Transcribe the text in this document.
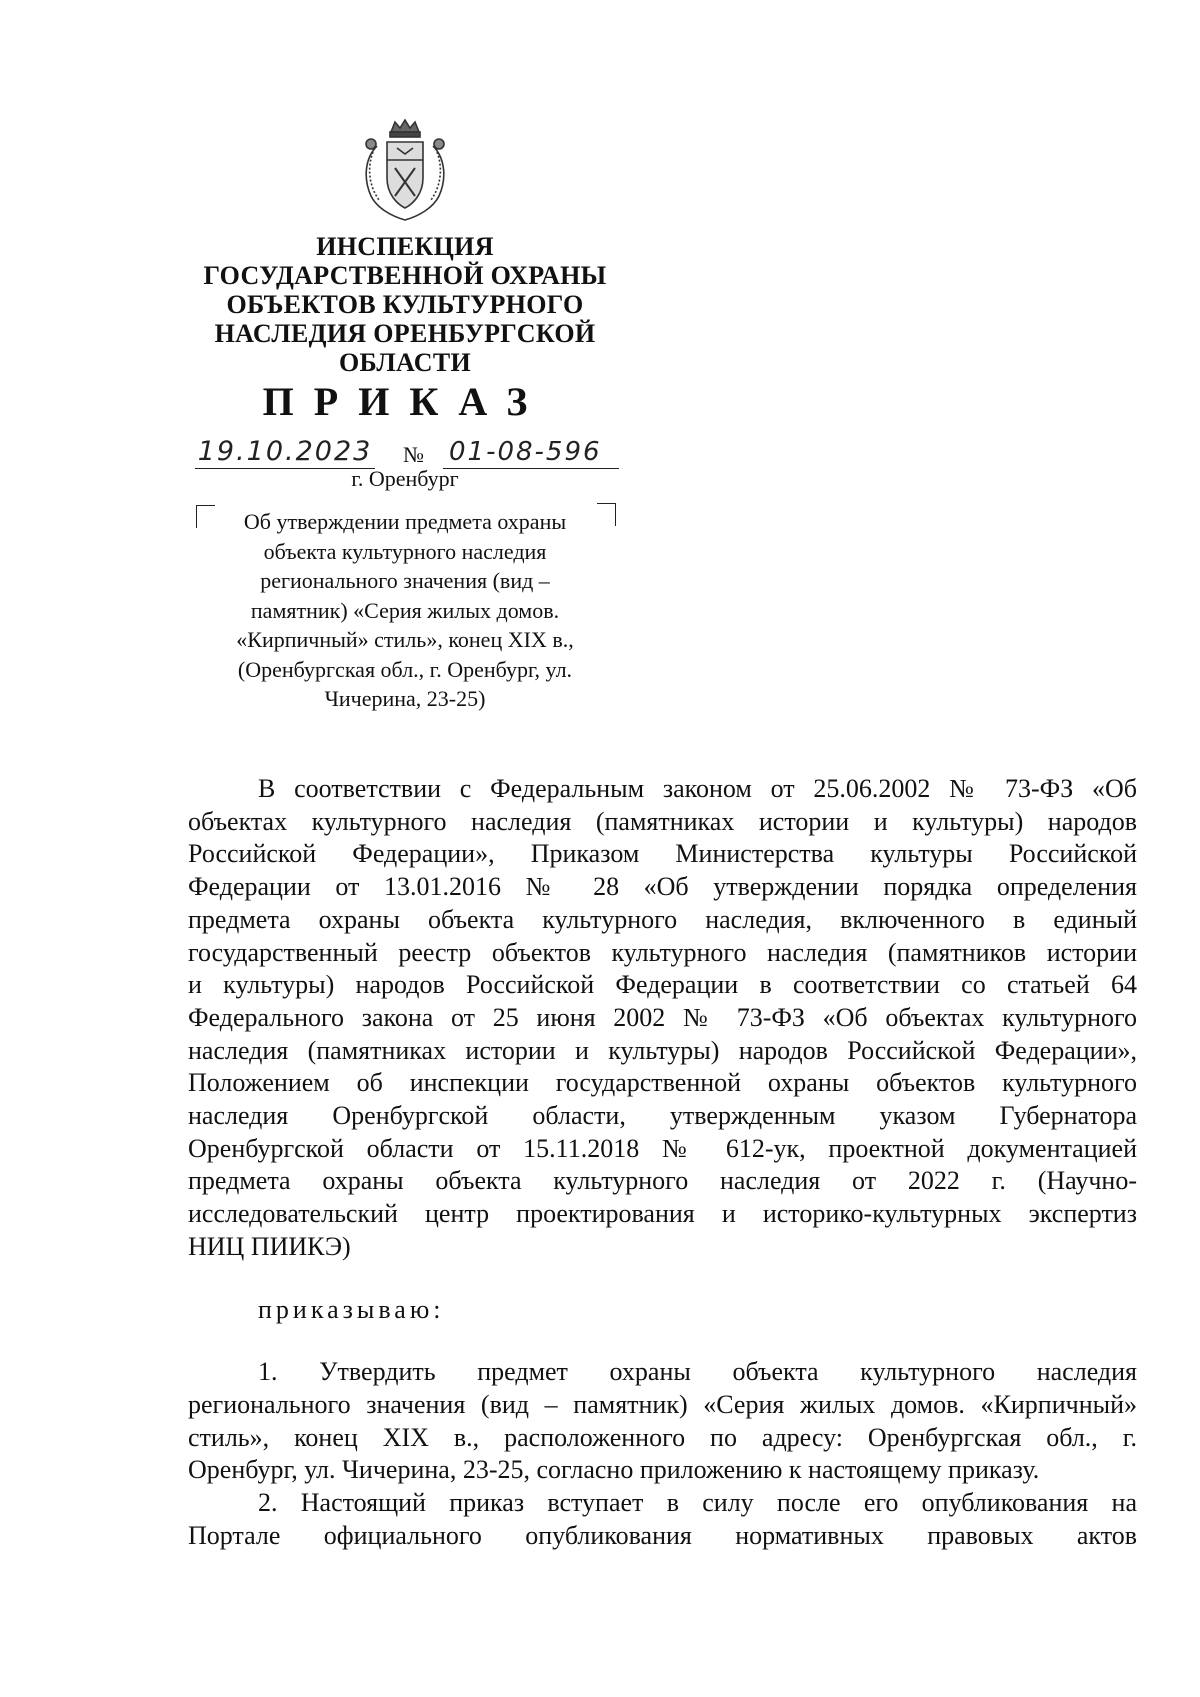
ИНСПЕКЦИЯ
ГОСУДАРСТВЕННОЙ ОХРАНЫ
ОБЪЕКТОВ КУЛЬТУРНОГО
НАСЛЕДИЯ ОРЕНБУРГСКОЙ
ОБЛАСТИ
ПРИКАЗ
19.10.2023 № 01-08-596
г. Оренбург
Об утверждении предмета охраны
объекта культурного наследия
регионального значения (вид –
памятник) «Серия жилых домов.
«Кирпичный» стиль», конец XIX в.,
(Оренбургская обл., г. Оренбург, ул.
Чичерина, 23-25)
В соответствии с Федеральным законом от 25.06.2002 № 73-ФЗ «Об
объектах культурного наследия (памятниках истории и культуры) народов
Российской Федерации», Приказом Министерства культуры Российской
Федерации от 13.01.2016 № 28 «Об утверждении порядка определения
предмета охраны объекта культурного наследия, включенного в единый
государственный реестр объектов культурного наследия (памятников истории
и культуры) народов Российской Федерации в соответствии со статьей 64
Федерального закона от 25 июня 2002 № 73-ФЗ «Об объектах культурного
наследия (памятниках истории и культуры) народов Российской Федерации»,
Положением об инспекции государственной охраны объектов культурного
наследия Оренбургской области, утвержденным указом Губернатора
Оренбургской области от 15.11.2018 № 612-ук, проектной документацией
предмета охраны объекта культурного наследия от 2022 г. (Научно-
исследовательский центр проектирования и историко-культурных экспертиз
НИЦ ПИИКЭ)
приказываю:
1. Утвердить предмет охраны объекта культурного наследия
регионального значения (вид – памятник) «Серия жилых домов. «Кирпичный»
стиль», конец XIX в., расположенного по адресу: Оренбургская обл., г.
Оренбург, ул. Чичерина, 23-25, согласно приложению к настоящему приказу.
2. Настоящий приказ вступает в силу после его опубликования на
Порталe официального опубликования нормативных правовых актов
